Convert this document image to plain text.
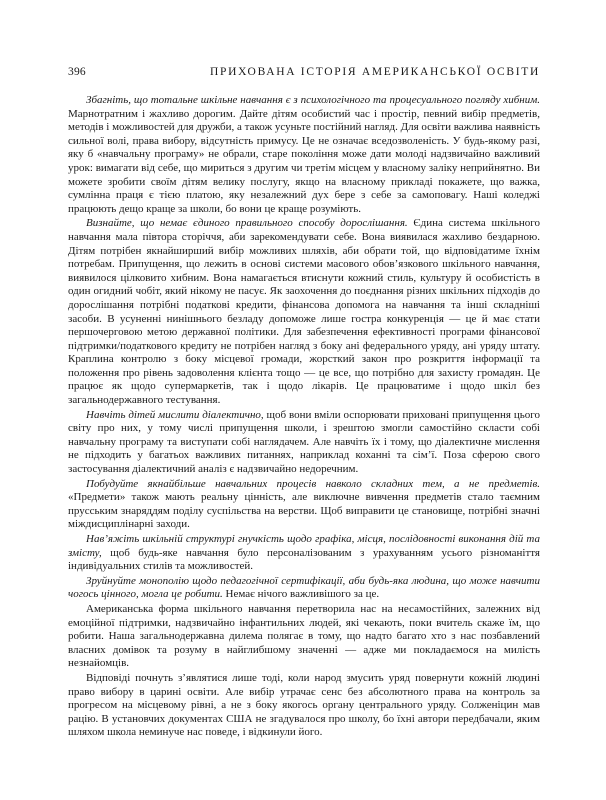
396	ПРИХОВАНА ІСТОРІЯ АМЕРИКАНСЬКОЇ ОСВІТИ

Збагніть, що тотальне шкільне навчання є з психологічного та процесуального погляду хибним. Марнотратним і жахливо дорогим. Дайте дітям особистий час і простір, певний вибір предметів, методів і можливостей для дружби, а також усуньте постійний нагляд. Для освіти важлива наявність сильної волі, права вибору, відсутність примусу. Це не означає вседозволеність. У будь-якому разі, яку б «навчальну програму» не обрали, старе покоління може дати молоді надзвичайно важливий урок: вимагати від себе, що мириться з другим чи третім місцем у власному заліку неприйнятно. Ви можете зробити своїм дітям велику послугу, якщо на власному прикладі покажете, що важка, сумлінна праця є тією платою, яку незалежний дух бере з себе за самоповагу. Наші коледжі працюють дещо краще за школи, бо вони це краще розуміють.

Визнайте, що немає єдиного правильного способу дорослішання. Єдина система шкільного навчання мала півтора сторіччя, аби зарекомендувати себе. Вона виявилася жахливо бездарною. Дітям потрібен якнайширший вибір можливих шляхів, аби обрати той, що відповідатиме їхнім потребам. Припущення, що лежить в основі системи масового обов’язкового шкільного навчання, виявилося цілковито хибним. Вона намагається втиснути кожний стиль, культуру й особистість в один огидний чобіт, який нікому не пасує. Як заохочення до поєднання різних шкільних підходів до дорослішання потрібні податкові кредити, фінансова допомога на навчання та інші складніші засоби. В усуненні нинішнього безладу допоможе лише гостра конкуренція — це й має стати першочерговою метою державної політики. Для забезпечення ефективності програми фінансової підтримки/податкового кредиту не потрібен нагляд з боку ані федерального уряду, ані уряду штату. Краплина контролю з боку місцевої громади, жорсткий закон про розкриття інформації та положення про рівень задоволення клієнта тощо — це все, що потрібно для захисту громадян. Це працює як щодо супермаркетів, так і щодо лікарів. Це працюватиме і щодо шкіл без загальнодержавного тестування.

Навчіть дітей мислити діалектично, щоб вони вміли оспорювати приховані припущення цього світу про них, у тому числі припущення школи, і зрештою змогли самостійно скласти собі навчальну програму та виступати собі наглядачем. Але навчіть їх і тому, що діалектичне мислення не підходить у багатьох важливих питаннях, наприклад коханні та сім’ї. Поза сферою свого застосування діалектичний аналіз є надзвичайно недоречним.

Побудуйте якнайбільше навчальних процесів навколо складних тем, а не предметів. «Предмети» також мають реальну цінність, але виключне вивчення предметів стало таємним прусським знаряддям поділу суспільства на верстви. Щоб виправити це становище, потрібні значні міждисциплінарні заходи.

Нав’яжіть шкільній структурі гнучкість щодо графіка, місця, послідовності виконання дій та змісту, щоб будь-яке навчання було персоналізованим з урахуванням усього різноманіття індивідуальних стилів та можливостей.

Зруйнуйте монополію щодо педагогічної сертифікації, аби будь-яка людина, що може навчити чогось цінного, могла це робити. Немає нічого важливішого за це.

Американська форма шкільного навчання перетворила нас на несамостійних, залежних від емоційної підтримки, надзвичайно інфантильних людей, які чекають, поки вчитель скаже їм, що робити. Наша загальнодержавна дилема полягає в тому, що надто багато хто з нас позбавлений власних домівок та розуму в найглибшому значенні — адже ми покладаємося на милість незнайомців.

Відповіді почнуть з’являтися лише тоді, коли народ змусить уряд повернути кожній людині право вибору в царині освіти. Але вибір утрачає сенс без абсолютного права на контроль за прогресом на місцевому рівні, а не з боку якогось органу центрального уряду. Солженіцин мав рацію. В установчих документах США не згадувалося про школу, бо їхні автори передбачали, яким шляхом школа неминуче нас поведе, і відкинули його.
